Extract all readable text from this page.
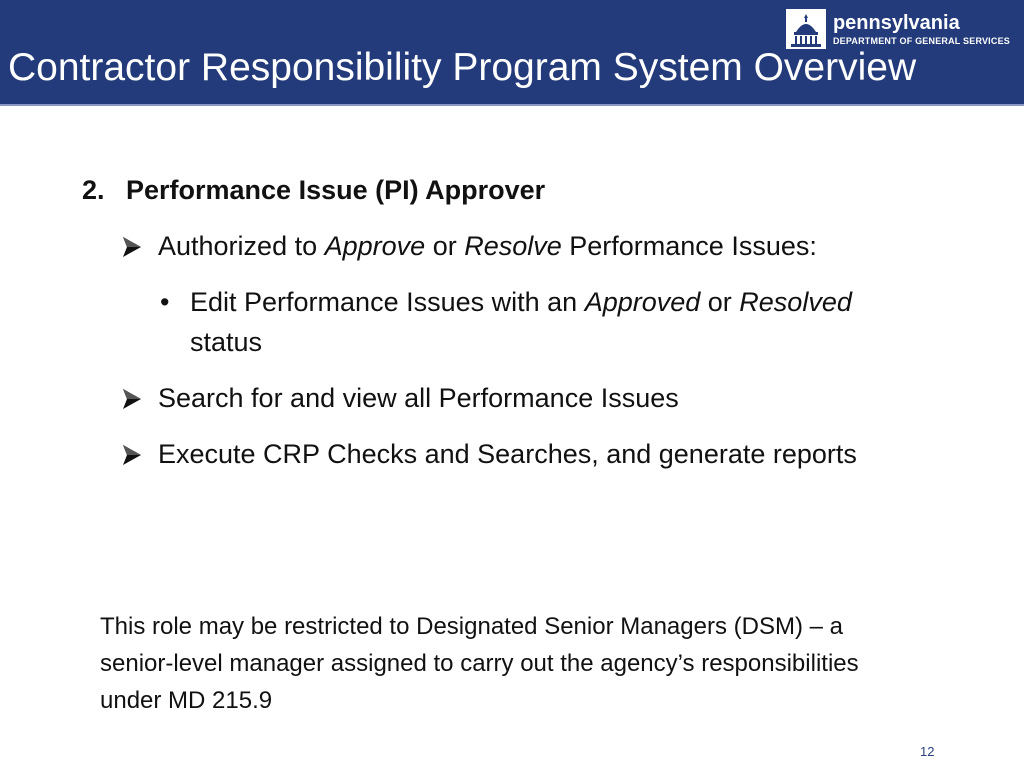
pennsylvania
DEPARTMENT OF GENERAL SERVICES
Contractor Responsibility Program System Overview
2. Performance Issue (PI) Approver
Authorized to Approve or Resolve Performance Issues:
• Edit Performance Issues with an Approved or Resolved status
Search for and view all Performance Issues
Execute CRP Checks and Searches, and generate reports
This role may be restricted to Designated Senior Managers (DSM) – a senior-level manager assigned to carry out the agency’s responsibilities under MD 215.9
12
